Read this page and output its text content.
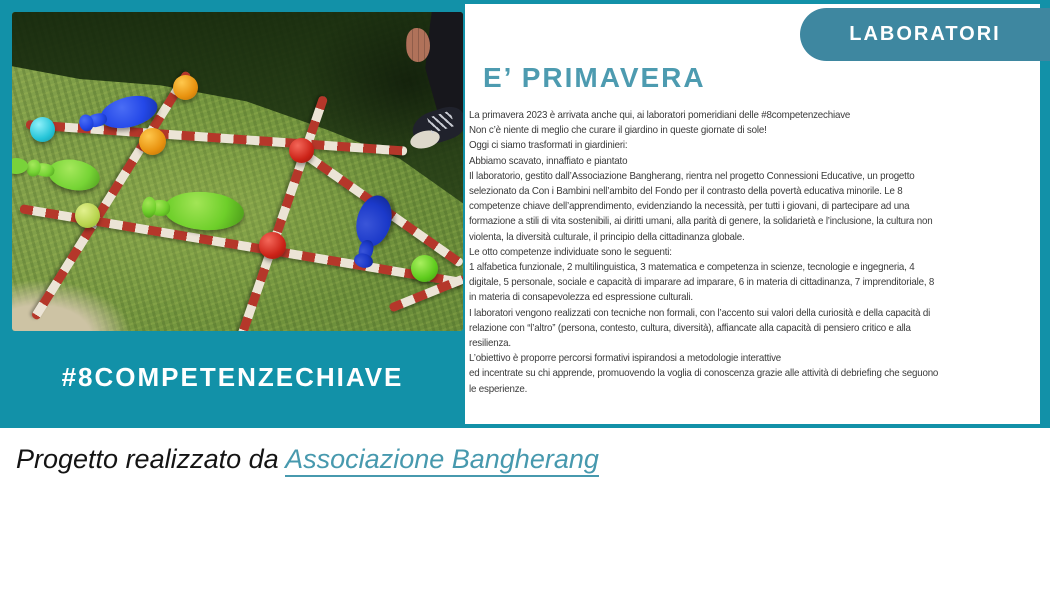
#8COMPETENZECHIAVE
E’ PRIMAVERA
La primavera 2023 è arrivata anche qui, ai laboratori pomeridiani delle #8competenzechiave
Non c’è niente di meglio che curare il giardino in queste giornate di sole!
Oggi ci siamo trasformati in giardinieri:
Abbiamo scavato, innaffiato e piantato
Il laboratorio, gestito dall’Associazione Bangherang, rientra nel progetto Connessioni Educative, un progetto
selezionato da Con i Bambini nell’ambito del Fondo per il contrasto della povertà educativa minorile. Le 8
competenze chiave dell’apprendimento, evidenziando la necessità, per tutti i giovani, di partecipare ad una
formazione a stili di vita sostenibili, ai diritti umani, alla parità di genere, la solidarietà e l’inclusione, la cultura non
violenta, la diversità culturale, il principio della cittadinanza globale.
Le otto competenze individuate sono le seguenti:
1 alfabetica funzionale, 2 multilinguistica, 3 matematica e competenza in scienze, tecnologie e ingegneria, 4
digitale, 5 personale, sociale e capacità di imparare ad imparare, 6 in materia di cittadinanza, 7 imprenditoriale, 8
in materia di consapevolezza ed espressione culturali.
I laboratori vengono realizzati con tecniche non formali, con l’accento sui valori della curiosità e della capacità di
relazione con “l’altro” (persona, contesto, cultura, diversità), affiancate alla capacità di pensiero critico e alla
resilienza.
L’obiettivo è proporre percorsi formativi ispirandosi a metodologie interattive
ed incentrate su chi apprende, promuovendo la voglia di conoscenza grazie alle attività di debriefing che seguono
le esperienze.
LABORATORI
Progetto realizzato da Associazione Bangherang
